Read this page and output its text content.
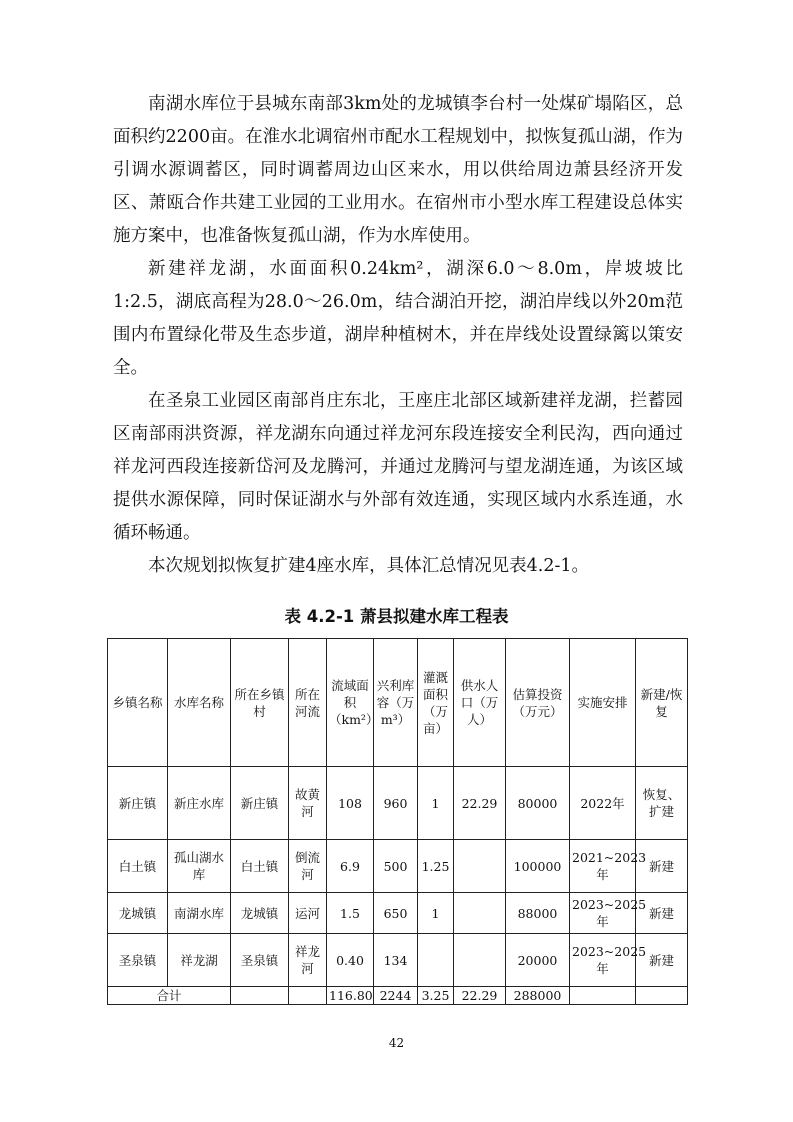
南湖水库位于县城东南部3km处的龙城镇李台村一处煤矿塌陷区，总面积约2200亩。在淮水北调宿州市配水工程规划中，拟恢复孤山湖，作为引调水源调蓄区，同时调蓄周边山区来水，用以供给周边萧县经济开发区、萧瓯合作共建工业园的工业用水。在宿州市小型水库工程建设总体实施方案中，也准备恢复孤山湖，作为水库使用。

新建祥龙湖，水面面积0.24km²，湖深6.0～8.0m，岸坡坡比1:2.5，湖底高程为28.0～26.0m，结合湖泊开挖，湖泊岸线以外20m范围内布置绿化带及生态步道，湖岸种植树木，并在岸线处设置绿篱以策安全。

在圣泉工业园区南部肖庄东北，王座庄北部区域新建祥龙湖，拦蓄园区南部雨洪资源，祥龙湖东向通过祥龙河东段连接安全利民沟，西向通过祥龙河西段连接新岱河及龙腾河，并通过龙腾河与望龙湖连通，为该区域提供水源保障，同时保证湖水与外部有效连通，实现区域内水系连通，水循环畅通。

本次规划拟恢复扩建4座水库，具体汇总情况见表4.2-1。

表 4.2-1 萧县拟建水库工程表
乡镇名称	水库名称	所在乡镇村	所在河流	流域面积（km²）	兴利库容（万m³）	灌溉面积（万亩）	供水人口（万人）	估算投资（万元）	实施安排	新建/恢复
新庄镇	新庄水库	新庄镇	故黄河	108	960	1	22.29	80000	2022年	恢复、扩建
白土镇	孤山湖水库	白土镇	倒流河	6.9	500	1.25		100000	2021~2023年	新建
龙城镇	南湖水库	龙城镇	运河	1.5	650	1		88000	2023~2025年	新建
圣泉镇	祥龙湖	圣泉镇	祥龙河	0.40	134			20000	2023~2025年	新建
合计				116.80	2244	3.25	22.29	288000		
42
